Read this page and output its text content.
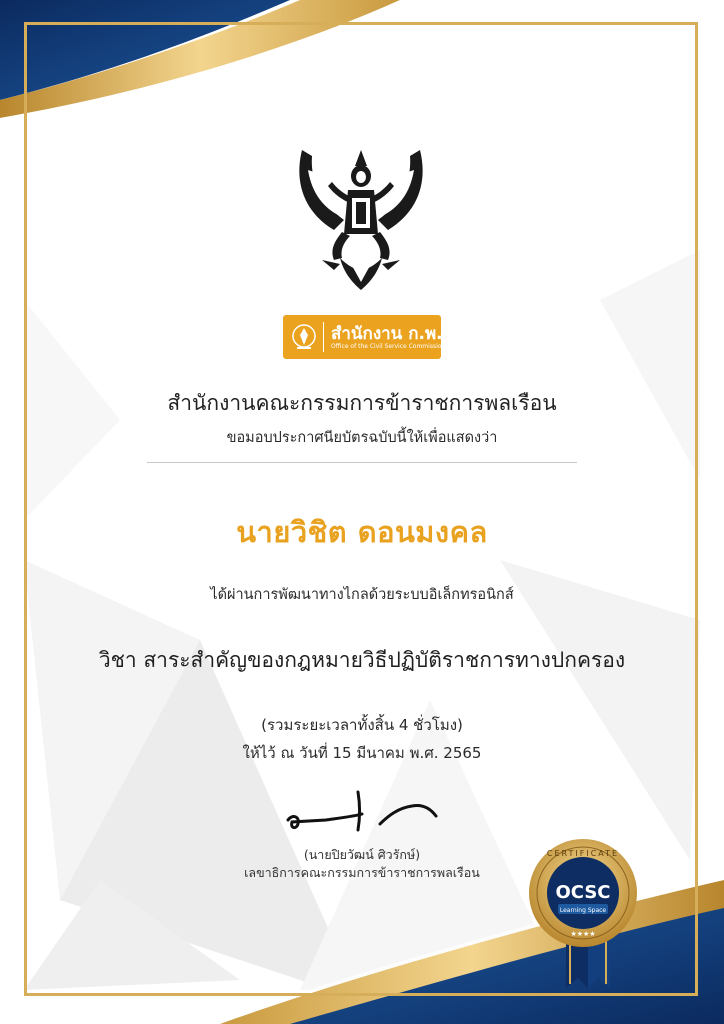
สำนักงาน ก.พ.
Office of the Civil Service Commission
สำนักงานคณะกรรมการข้าราชการพลเรือน
ขอมอบประกาศนียบัตรฉบับนี้ให้เพื่อแสดงว่า
นายวิชิต ดอนมงคล
ได้ผ่านการพัฒนาทางไกลด้วยระบบอิเล็กทรอนิกส์
วิชา สาระสำคัญของกฎหมายวิธีปฏิบัติราชการทางปกครอง
(รวมระยะเวลาทั้งสิ้น 4 ชั่วโมง)
ให้ไว้ ณ วันที่ 15 มีนาคม พ.ศ. 2565
(นายปิยวัฒน์ ศิวรักษ์)
เลขาธิการคณะกรรมการข้าราชการพลเรือน
CERTIFICATE
OCSC
Learning Space
★★★★
